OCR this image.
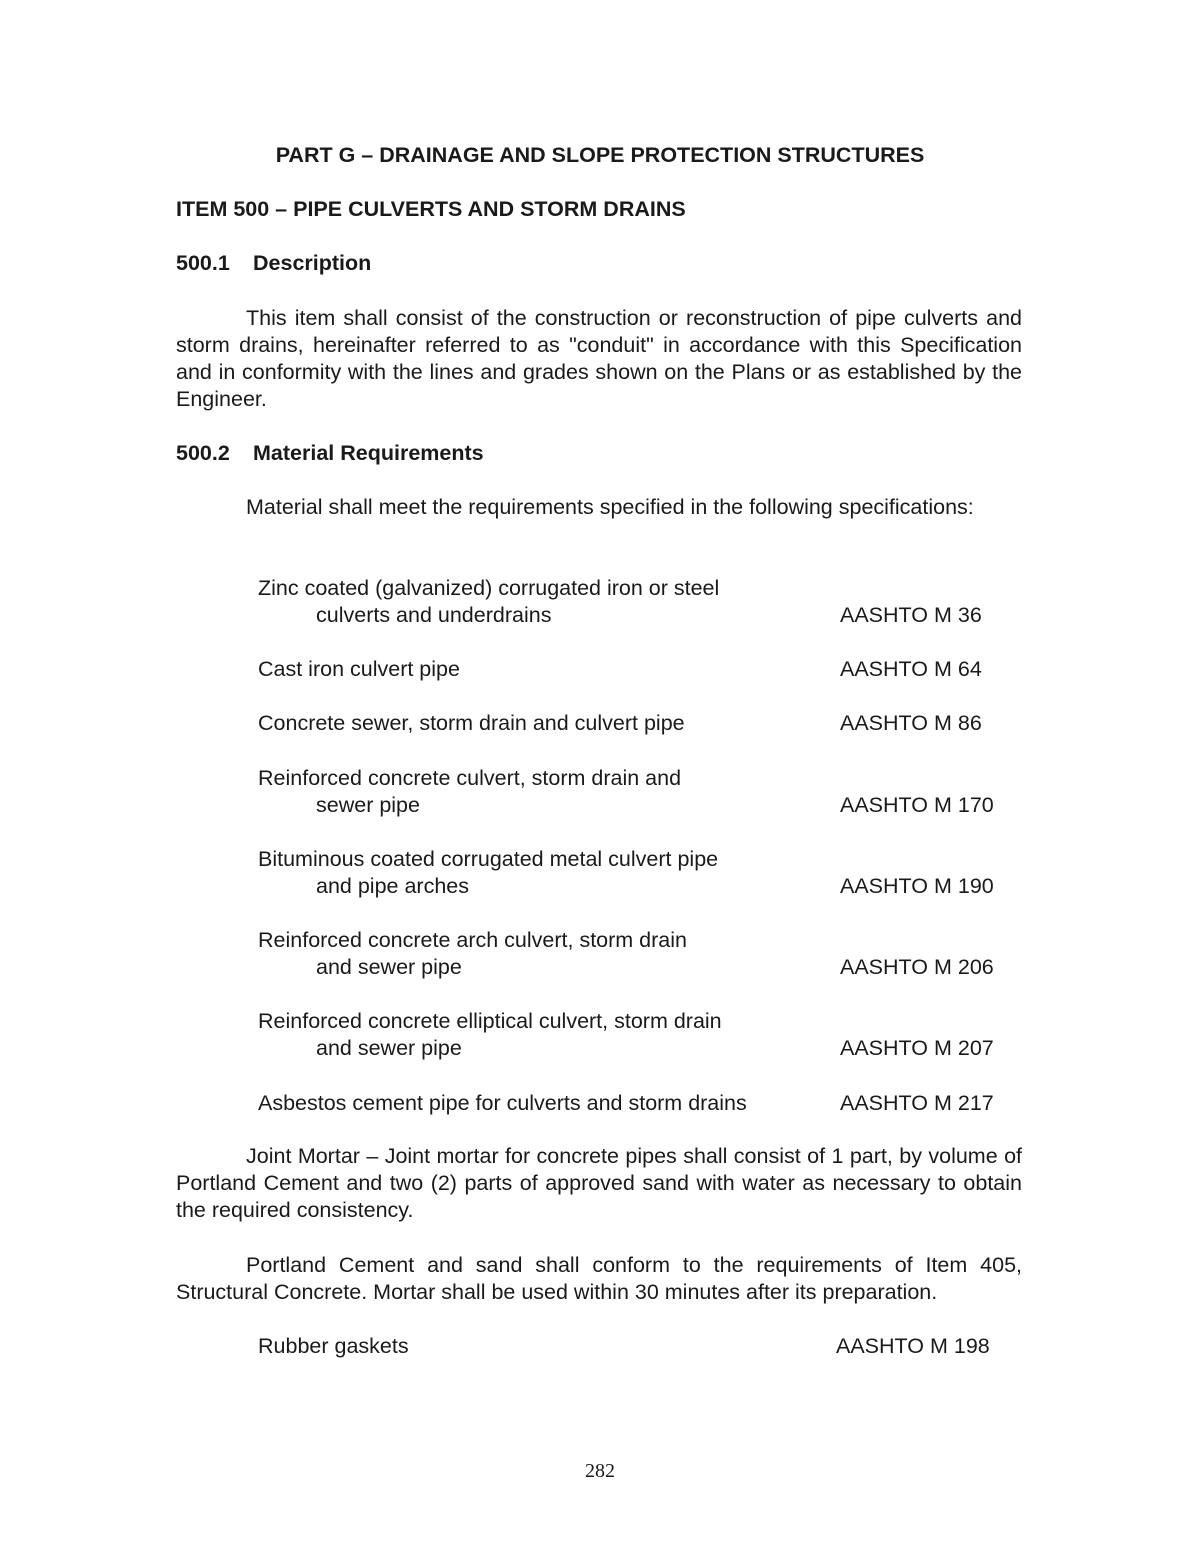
PART G – DRAINAGE AND SLOPE PROTECTION STRUCTURES
ITEM 500 – PIPE CULVERTS AND STORM DRAINS
500.1 Description
This item shall consist of the construction or reconstruction of pipe culverts and storm drains, hereinafter referred to as "conduit" in accordance with this Specification and in conformity with the lines and grades shown on the Plans or as established by the Engineer.
500.2 Material Requirements
Material shall meet the requirements specified in the following specifications:
Zinc coated (galvanized) corrugated iron or steel
culverts and underdrains	AASHTO M 36
Cast iron culvert pipe	AASHTO M 64
Concrete sewer, storm drain and culvert pipe	AASHTO M 86
Reinforced concrete culvert, storm drain and
sewer pipe	AASHTO M 170
Bituminous coated corrugated metal culvert pipe
and pipe arches	AASHTO M 190
Reinforced concrete arch culvert, storm drain
and sewer pipe	AASHTO M 206
Reinforced concrete elliptical culvert, storm drain
and sewer pipe	AASHTO M 207
Asbestos cement pipe for culverts and storm drains	AASHTO M 217
Joint Mortar – Joint mortar for concrete pipes shall consist of 1 part, by volume of Portland Cement and two (2) parts of approved sand with water as necessary to obtain the required consistency.
Portland Cement and sand shall conform to the requirements of Item 405, Structural Concrete. Mortar shall be used within 30 minutes after its preparation.
Rubber gaskets	AASHTO M 198
282
